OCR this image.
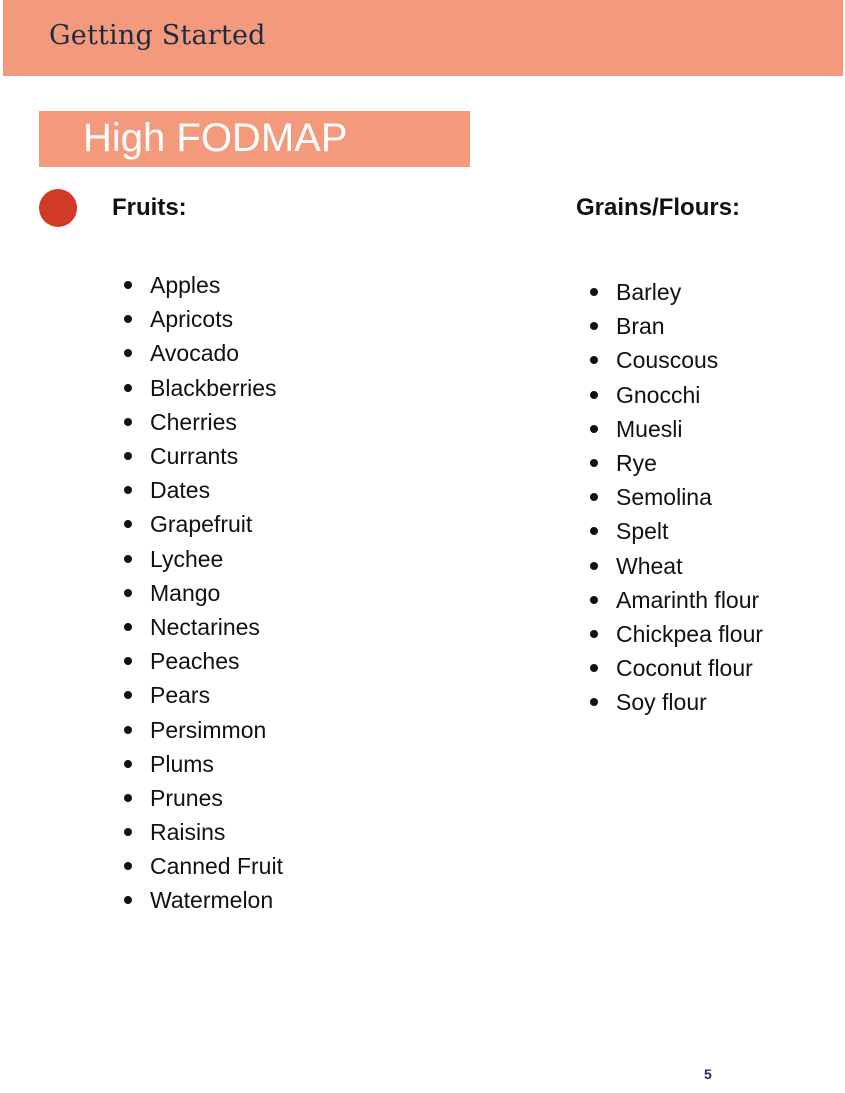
Getting Started
High FODMAP
Fruits:	Grains/Flours:
Apples
Apricots
Avocado
Blackberries
Cherries
Currants
Dates
Grapefruit
Lychee
Mango
Nectarines
Peaches
Pears
Persimmon
Plums
Prunes
Raisins
Canned Fruit
Watermelon
Barley
Bran
Couscous
Gnocchi
Muesli
Rye
Semolina
Spelt
Wheat
Amarinth flour
Chickpea flour
Coconut flour
Soy flour
5
